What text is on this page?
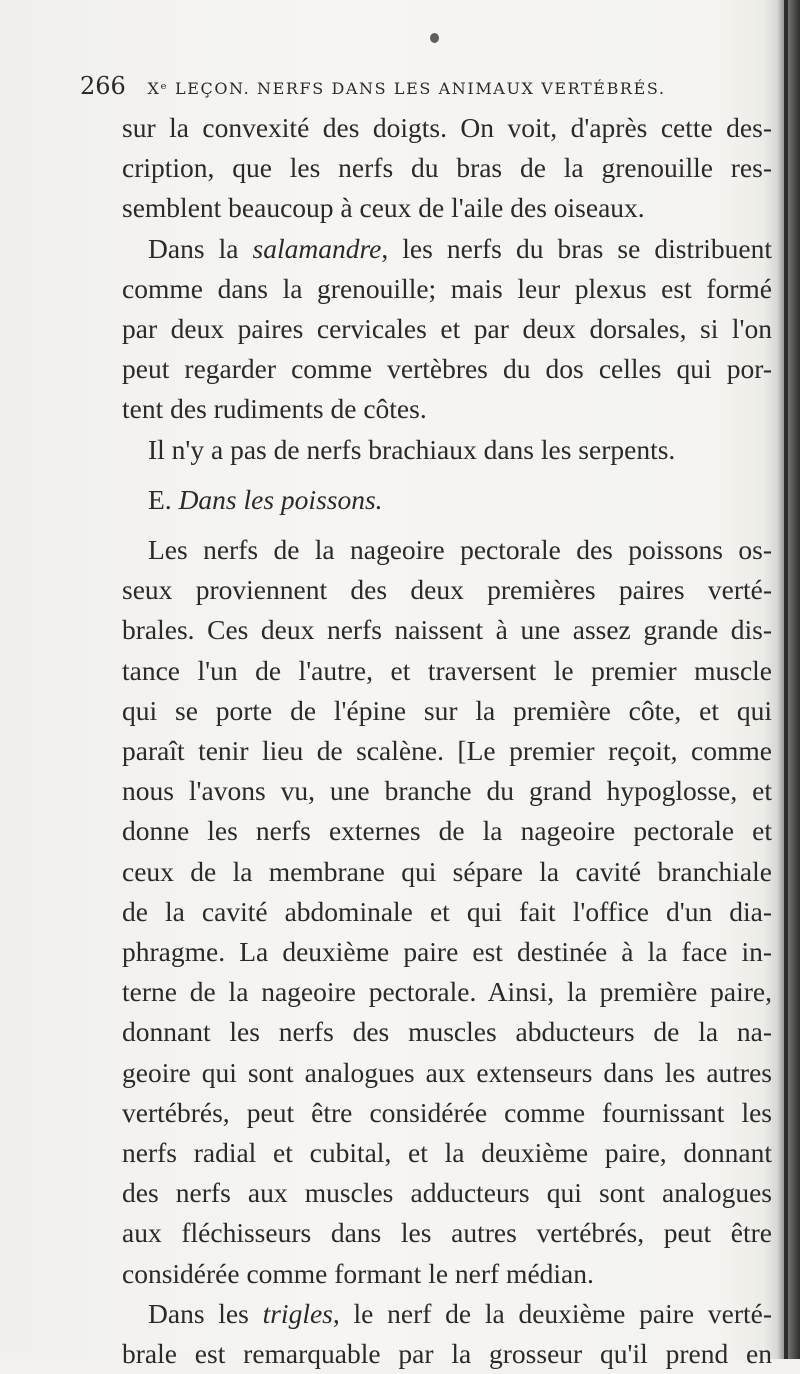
266 Xᵉ LEÇON. NERFS DANS LES ANIMAUX VERTÉBRÉS.

sur la convexité des doigts. On voit, d'après cette des-
cription, que les nerfs du bras de la grenouille res-

semblent beaucoup à ceux de l'aile des oiseaux.

Dans la salamandre, les nerfs du bras se distribuent

comme dans la grenouille; mais leur plexus est formé
par deux paires cervicales et par deux dorsales, si l'on
peut regarder comme vertèbres du dos celles qui por-

tent des rudiments de côtes.

Il n'y a pas de nerfs brachiaux dans les serpents.

E. Dans les poissons.

Les nerfs de la nageoire pectorale des poissons os-

seux proviennent des deux premières paires verté-
brales. Ces deux nerfs naissent à une assez grande dis-
tance l'un de l'autre, et traversent le premier muscle
qui se porte de l'épine sur la première côte, et qui
paraît tenir lieu de scalène. [Le premier reçoit, comme
nous l'avons vu, une branche du grand hypoglosse, et
donne les nerfs externes de la nageoire pectorale et
ceux de la membrane qui sépare la cavité branchiale
de la cavité abdominale et qui fait l'office d'un dia-
phragme. La deuxième paire est destinée à la face in-
terne de la nageoire pectorale. Ainsi, la première paire,
donnant les nerfs des muscles abducteurs de la na-
geoire qui sont analogues aux extenseurs dans les autres
vertébrés, peut être considérée comme fournissant les
nerfs radial et cubital, et la deuxième paire, donnant
des nerfs aux muscles adducteurs qui sont analogues
aux fléchisseurs dans les autres vertébrés, peut être

considérée comme formant le nerf médian.

Dans les trigles, le nerf de la deuxième paire verté-

brale est remarquable par la grosseur qu'il prend en
